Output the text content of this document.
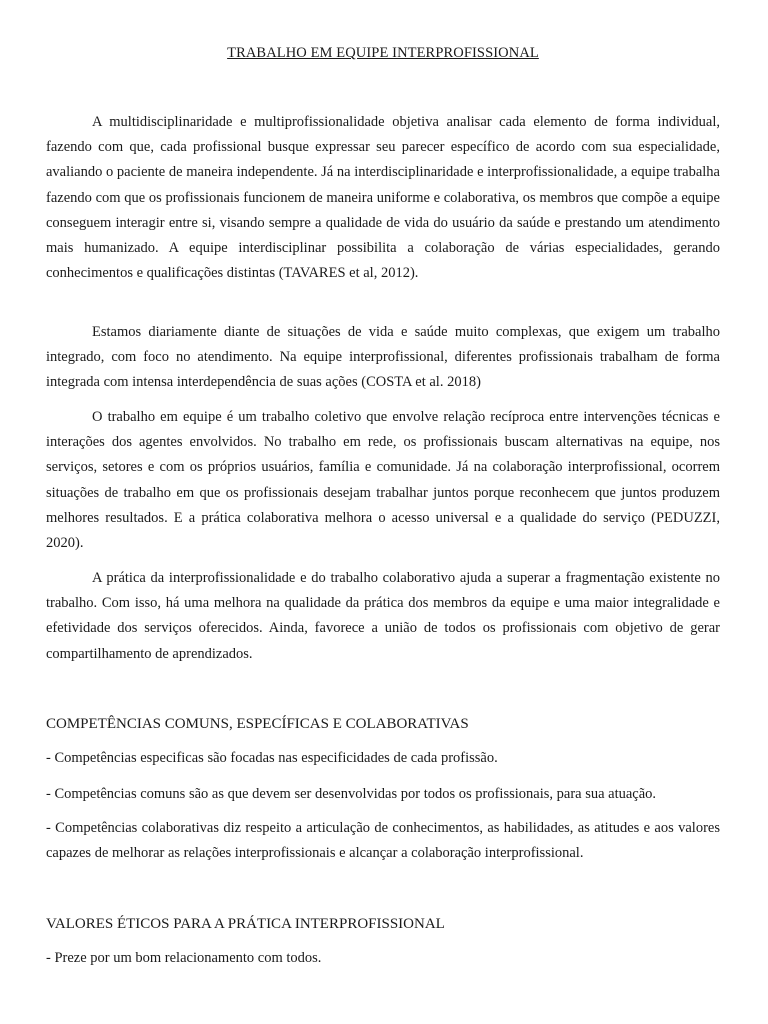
TRABALHO EM EQUIPE INTERPROFISSIONAL

A multidisciplinaridade e multiprofissionalidade objetiva analisar cada elemento de forma individual, fazendo com que, cada profissional busque expressar seu parecer específico de acordo com sua especialidade, avaliando o paciente de maneira independente. Já na interdisciplinaridade e interprofissionalidade, a equipe trabalha fazendo com que os profissionais funcionem de maneira uniforme e colaborativa, os membros que compõe a equipe conseguem interagir entre si, visando sempre a qualidade de vida do usuário da saúde e prestando um atendimento mais humanizado. A equipe interdisciplinar possibilita a colaboração de várias especialidades, gerando conhecimentos e qualificações distintas (TAVARES et al, 2012).

Estamos diariamente diante de situações de vida e saúde muito complexas, que exigem um trabalho integrado, com foco no atendimento. Na equipe interprofissional, diferentes profissionais trabalham de forma integrada com intensa interdependência de suas ações (COSTA et al. 2018)

O trabalho em equipe é um trabalho coletivo que envolve relação recíproca entre intervenções técnicas e interações dos agentes envolvidos. No trabalho em rede, os profissionais buscam alternativas na equipe, nos serviços, setores e com os próprios usuários, família e comunidade. Já na colaboração interprofissional, ocorrem situações de trabalho em que os profissionais desejam trabalhar juntos porque reconhecem que juntos produzem melhores resultados. E a prática colaborativa melhora o acesso universal e a qualidade do serviço (PEDUZZI, 2020).

A prática da interprofissionalidade e do trabalho colaborativo ajuda a superar a fragmentação existente no trabalho. Com isso, há uma melhora na qualidade da prática dos membros da equipe e uma maior integralidade e efetividade dos serviços oferecidos. Ainda, favorece a união de todos os profissionais com objetivo de gerar compartilhamento de aprendizados.

COMPETÊNCIAS COMUNS, ESPECÍFICAS E COLABORATIVAS

- Competências especificas são focadas nas especificidades de cada profissão.

- Competências comuns são as que devem ser desenvolvidas por todos os profissionais, para sua atuação.

- Competências colaborativas diz respeito a articulação de conhecimentos, as habilidades, as atitudes e aos valores capazes de melhorar as relações interprofissionais e alcançar a colaboração interprofissional.

VALORES ÉTICOS PARA A PRÁTICA INTERPROFISSIONAL

- Preze por um bom relacionamento com todos.
